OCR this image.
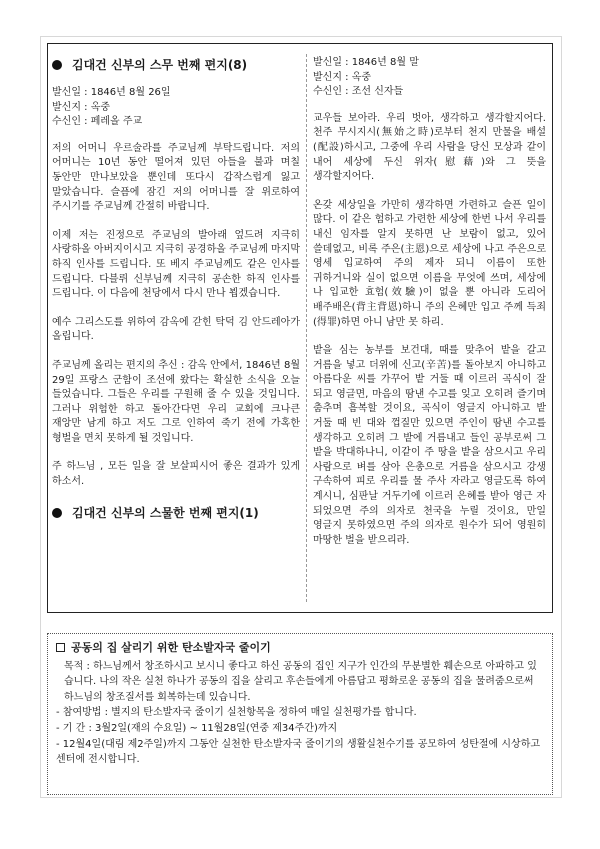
김대건 신부의 스무 번째 편지(8)

발신일 : 1846년 8월 26일

발신지 : 옥중

수신인 : 페레올 주교

저의 어머니 우르술라를 주교님께 부탁드립니다. 저의 어머니는 10년 동안 떨어져 있던 아들을 불과 며칠 동안만 만나보았을 뿐인데 또다시 갑작스럽게 잃고 말았습니다. 슬픔에 잠긴 저의 어머니를 잘 위로하여 주시기를 주교님께 간절히 바랍니다.

이제 저는 진정으로 주교님의 발아래 엎드려 지극히 사랑하올 아버지이시고 지극히 공경하올 주교님께 마지막 하직 인사를 드립니다. 또 베지 주교님께도 같은 인사를 드립니다. 다블뤼 신부님께 지극히 공손한 하직 인사를 드립니다. 이 다음에 천당에서 다시 만나 뵙겠습니다.

예수 그리스도를 위하여 감옥에 갇힌 탁덕 김 안드레아가 올립니다.

주교님께 올리는 편지의 추신 : 감옥 안에서, 1846년 8월 29일 프랑스 군함이 조선에 왔다는 확실한 소식을 오늘 들었습니다. 그들은 우리를 구원해 줄 수 있을 것입니다. 그러나 위험한 하고 돌아간다면 우리 교회에 크나큰 재앙만 남게 하고 저도 그로 인하여 죽기 전에 가혹한 형벌을 면치 못하게 될 것입니다.

주 하느님 , 모든 일을 잘 보살피시어 좋은 결과가 있게 하소서.

김대건 신부의 스물한 번째 편지(1)

발신일 : 1846년 8월 말

발신지 : 옥중

수신인 : 조선 신자들

교우들 보아라. 우리 벗아, 생각하고 생각할지어다. 천주 무시지시(無始之時)로부터 천지 만물을 배설(配設)하시고, 그중에 우리 사람을 당신 모상과 같이 내어 세상에 두신 위자(慰藉)와 그 뜻을 생각할지어다.

온갖 세상일을 가만히 생각하면 가련하고 슬픈 일이 많다. 이 같은 험하고 가련한 세상에 한번 나서 우리를 내신 임자를 알지 못하면 난 보람이 없고, 있어 쓸데없고, 비록 주은(主恩)으로 세상에 나고 주은으로 영세 입교하여 주의 제자 되니 이름이 또한 귀하거니와 실이 없으면 이름을 무엇에 쓰며, 세상에 나 입교한 효험(效驗)이 없을 뿐 아니라 도리어 배주배은(背主背恩)하니 주의 은혜만 입고 주께 득죄(得罪)하면 아니 남만 못 하리.

밭을 심는 농부를 보건대, 때를 맞추어 밭을 갈고 거름을 넣고 더위에 신고(辛苦)를 돌아보지 아니하고 아름다운 씨를 가꾸어 밭 거둘 때 이르러 곡식이 잘 되고 영글면, 마음의 땀낸 수고를 잊고 오히려 즐기며 춤추며 흠복할 것이요, 곡식이 영글지 아니하고 밭 거둘 때 빈 대와 껍질만 있으면 주인이 땀낸 수고를 생각하고 오히려 그 밭에 거름내고 들인 공부로써 그 밭을 박대하나니, 이같이 주 땅을 밭을 삼으시고 우리 사람으로 벼를 삼아 은총으로 거름을 삼으시고 강생 구속하여 피로 우리를 물 주사 자라고 영글도록 하여 계시니, 심판날 거두기에 이르러 은혜를 받아 영근 자 되었으면 주의 의자로 천국을 누릴 것이요, 만일 영글지 못하였으면 주의 의자로 원수가 되어 영원히 마땅한 벌을 받으리라.

공동의 집 살리기 위한 탄소발자국 줄이기

목적 : 하느님께서 창조하시고 보시니 좋다고 하신 공동의 집인 지구가 인간의 무분별한 훼손으로 아파하고 있습니다. 나의 작은 실천 하나가 공동의 집을 살리고 후손들에게 아름답고 평화로운 공동의 집을 물려줌으로써 하느님의 창조질서를 회복하는데 있습니다.

- 참여방법 : 별지의 탄소발자국 줄이기 실천항목을 정하여 매일 실천평가를 합니다.

- 기 간 : 3월2일(재의 수요일) ~ 11월28일(연중 제34주간)까지

- 12월4일(대림 제2주일)까지 그동안 실천한 탄소발자국 줄이기의 생활실천수기를 공모하여 성탄절에 시상하고 센터에 전시합니다.
